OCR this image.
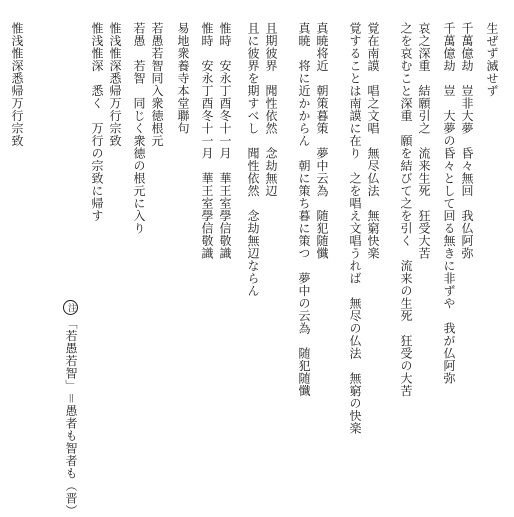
生ぜず滅せず
千萬億劫　豈非大夢　昏々無回　我仏阿弥
千萬億劫　豈　大夢の昏々として回る無きに非ずや　我が仏阿弥
哀之深重　結願引之　流来生死　狂受大苦
之を哀むこと深重　願を結びて之を引く　流来の生死　狂受の大苦
覚在南謨　唱之文唱　無尽仏法　無窮快楽
覚することは南謨に在り　之を唱え文唱うれば　無尽の仏法　無窮の快楽
真暁将近　朝策暮策　夢中云為　随犯随懺
真暁　将に近かからん　朝に策ち暮に策つ　夢中の云為　随犯随懺
且期彼界　聞性依然　念劫無辺
且に彼界を期すべし　聞性依然　念劫無辺ならん
惟時　安永丁酉冬十一月　華王室學信敬識
惟時　安永丁酉冬十一月　華王室學信敬識
易地衆養寺本堂聯句
若愚若智同入衆徳根元
若愚　若智　同じく衆徳の根元に入り
惟浅惟深悉帰万行宗致
惟浅惟深　悉く　万行の宗致に帰す
注「若愚若智」＝愚者も智者も（晋）
惟浅惟深悉帰万行宗致
